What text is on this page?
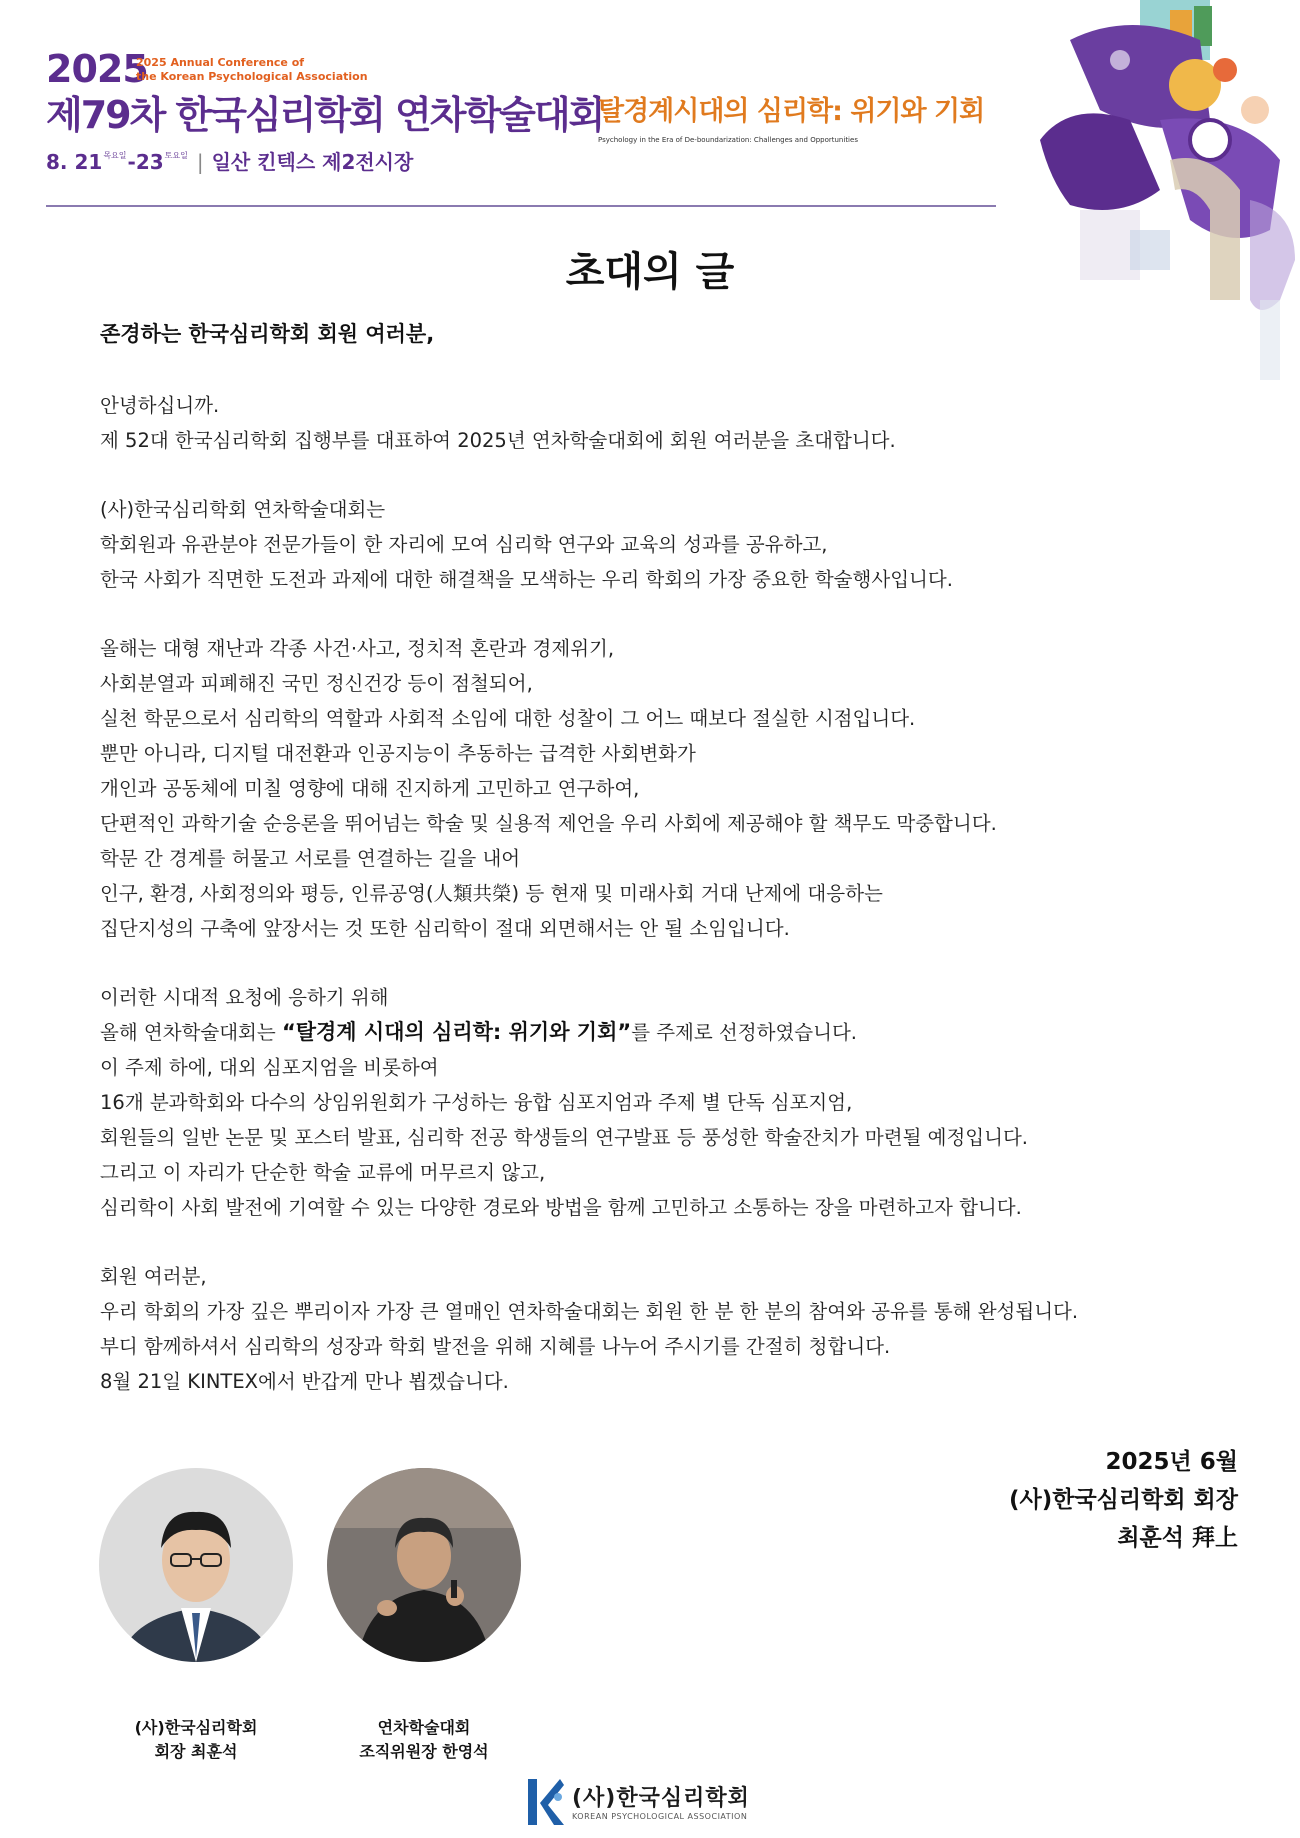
2025
2025 Annual Conference of
the Korean Psychological Association
제79차 한국심리학회 연차학술대회
8. $21^{목요일}-23^{토요일}$ | 일산 킨텍스 제2전시장
탈경계시대의 심리학: 위기와 기회
Psychology in the Era of De-boundarization: Challenges and Opportunities
초대의 글
존경하는 한국심리학회 회원 여러분,
안녕하십니까.
제 52대 한국심리학회 집행부를 대표하여 2025년 연차학술대회에 회원 여러분을 초대합니다.
(사)한국심리학회 연차학술대회는
학회원과 유관분야 전문가들이 한 자리에 모여 심리학 연구와 교육의 성과를 공유하고,
한국 사회가 직면한 도전과 과제에 대한 해결책을 모색하는 우리 학회의 가장 중요한 학술행사입니다.
올해는 대형 재난과 각종 사건·사고, 정치적 혼란과 경제위기,
사회분열과 피폐해진 국민 정신건강 등이 점철되어,
실천 학문으로서 심리학의 역할과 사회적 소임에 대한 성찰이 그 어느 때보다 절실한 시점입니다.
뿐만 아니라, 디지털 대전환과 인공지능이 추동하는 급격한 사회변화가
개인과 공동체에 미칠 영향에 대해 진지하게 고민하고 연구하여,
단편적인 과학기술 순응론을 뛰어넘는 학술 및 실용적 제언을 우리 사회에 제공해야 할 책무도 막중합니다.
학문 간 경계를 허물고 서로를 연결하는 길을 내어
인구, 환경, 사회정의와 평등, 인류공영(人類共榮) 등 현재 및 미래사회 거대 난제에 대응하는
집단지성의 구축에 앞장서는 것 또한 심리학이 절대 외면해서는 안 될 소임입니다.
이러한 시대적 요청에 응하기 위해
올해 연차학술대회는 “탈경계 시대의 심리학: 위기와 기회”를 주제로 선정하였습니다.
이 주제 하에, 대외 심포지엄을 비롯하여
16개 분과학회와 다수의 상임위원회가 구성하는 융합 심포지엄과 주제 별 단독 심포지엄,
회원들의 일반 논문 및 포스터 발표, 심리학 전공 학생들의 연구발표 등 풍성한 학술잔치가 마련될 예정입니다.
그리고 이 자리가 단순한 학술 교류에 머무르지 않고,
심리학이 사회 발전에 기여할 수 있는 다양한 경로와 방법을 함께 고민하고 소통하는 장을 마련하고자 합니다.
회원 여러분,
우리 학회의 가장 깊은 뿌리이자 가장 큰 열매인 연차학술대회는 회원 한 분 한 분의 참여와 공유를 통해 완성됩니다.
부디 함께하셔서 심리학의 성장과 학회 발전을 위해 지혜를 나누어 주시기를 간절히 청합니다.
8월 21일 KINTEX에서 반갑게 만나 뵙겠습니다.
2025년 6월
(사)한국심리학회 회장
최훈석 拜上
(사)한국심리학회
회장 최훈석
연차학술대회
조직위원장 한영석
(사)한국심리학회
KOREAN PSYCHOLOGICAL ASSOCIATION
